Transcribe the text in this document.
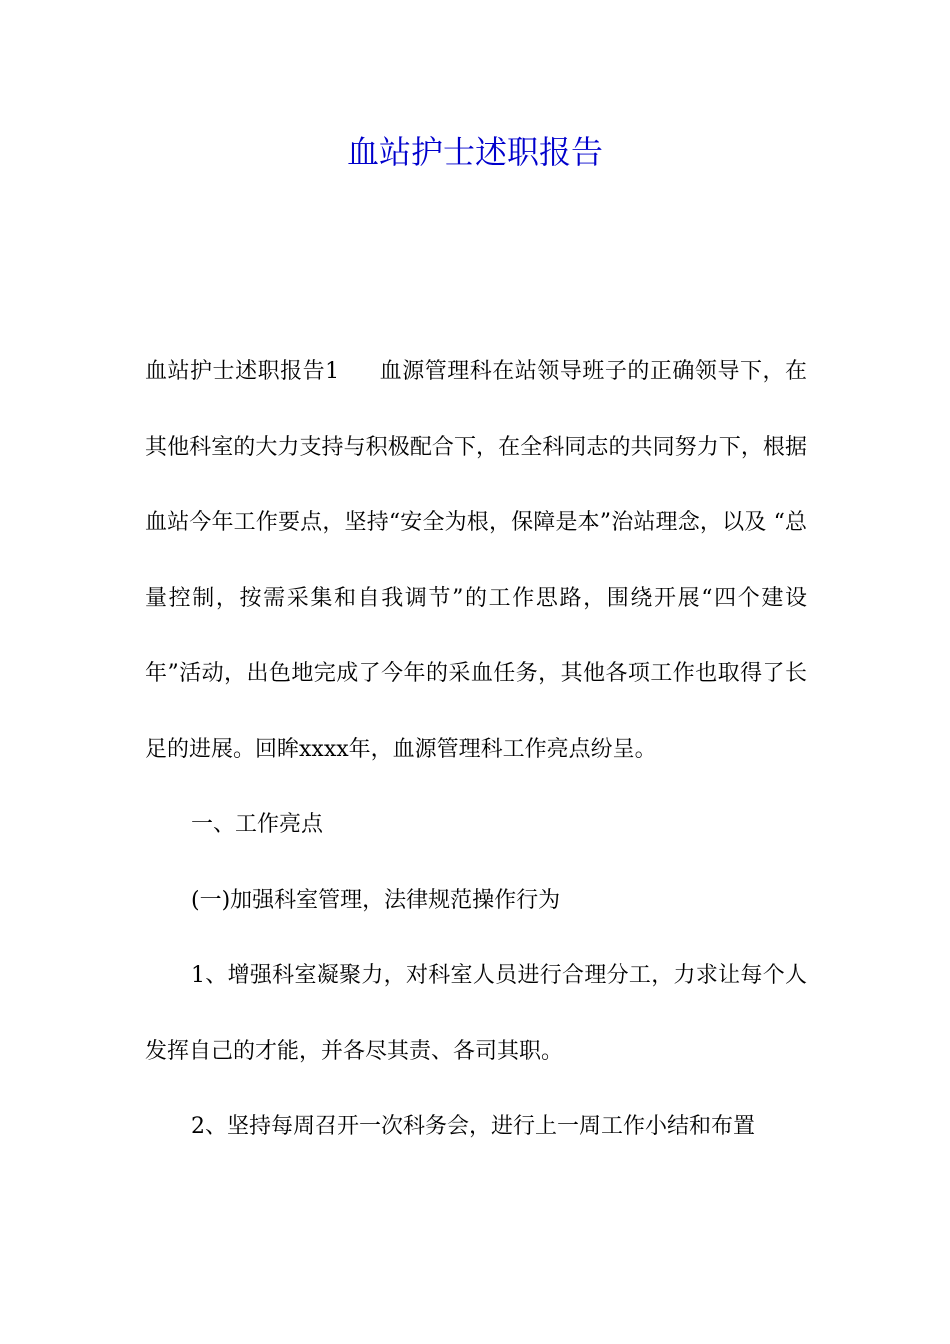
血站护士述职报告

血站护士述职报告1 血源管理科在站领导班子的正确领导下，在其他科室的大力支持与积极配合下，在全科同志的共同努力下，根据血站今年工作要点，坚持“安全为根，保障是本”治站理念，以及 “总量控制，按需采集和自我调节”的工作思路，围绕开展“四个建设年”活动，出色地完成了今年的采血任务，其他各项工作也取得了长足的进展。回眸xxxx年，血源管理科工作亮点纷呈。

一、工作亮点

(一)加强科室管理，法律规范操作行为

1、增强科室凝聚力，对科室人员进行合理分工，力求让每个人发挥自己的才能，并各尽其责、各司其职。

2、坚持每周召开一次科务会，进行上一周工作小结和布置
